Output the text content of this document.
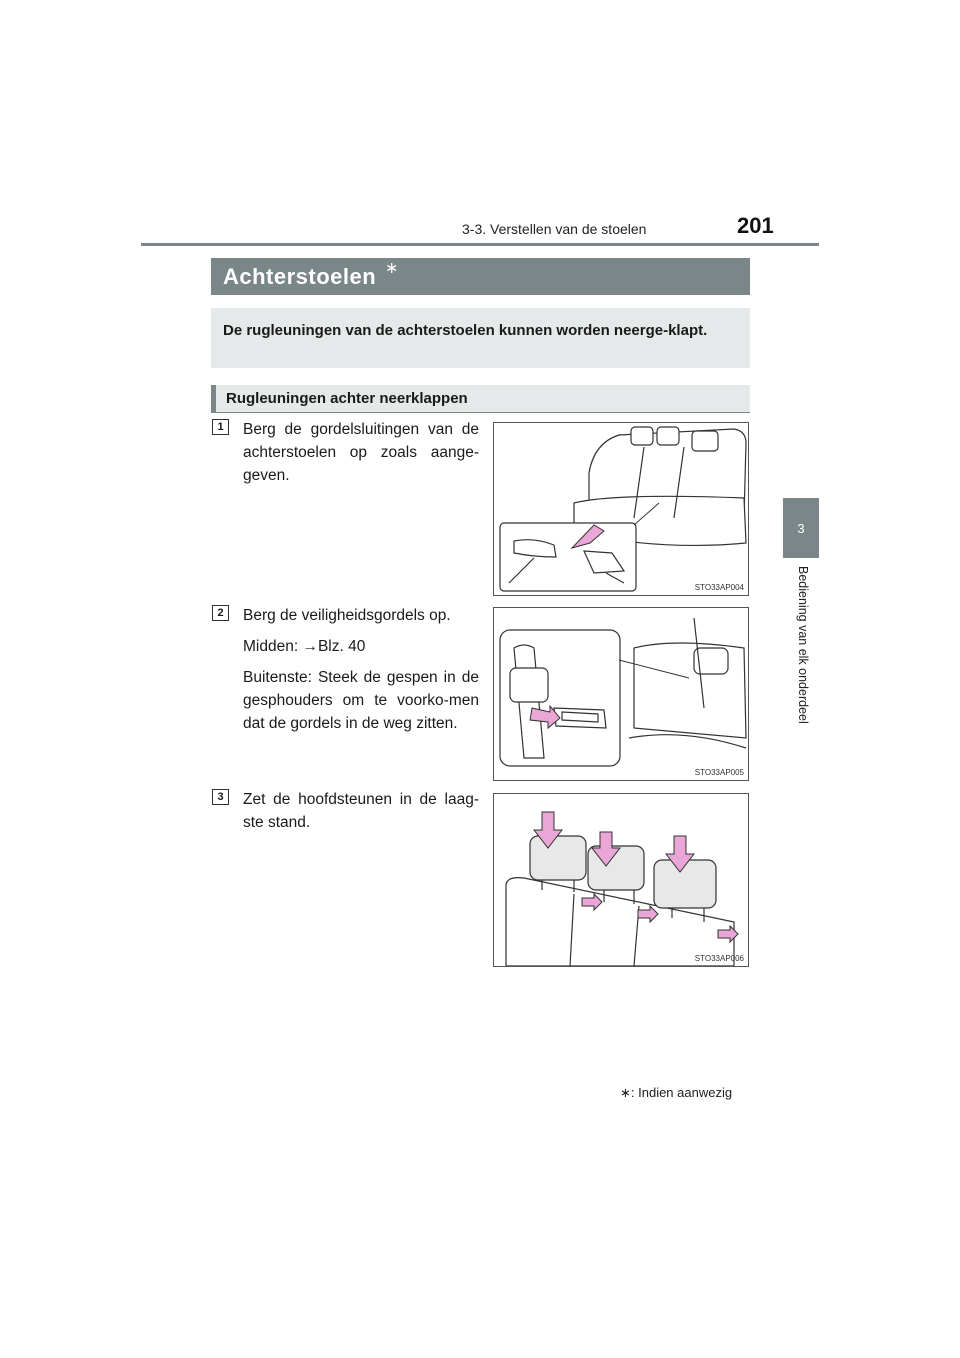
3-3. Verstellen van de stoelen	201
3
Bediening van elk onderdeel
Achterstoelen ∗

De rugleuningen van de achterstoelen kunnen worden neerge-klapt.

Rugleuningen achter neerklappen
1	Berg de gordelsluitingen van de achterstoelen op zoals aange-geven.

STO33AP004
2	Berg de veiligheidsgordels op.

Midden: →Blz. 40

Buitenste: Steek de gespen in de gesphouders om te voorko-men dat de gordels in de weg zitten.

STO33AP005
3	Zet de hoofdsteunen in de laag-ste stand.

STO33AP006
∗: Indien aanwezig
